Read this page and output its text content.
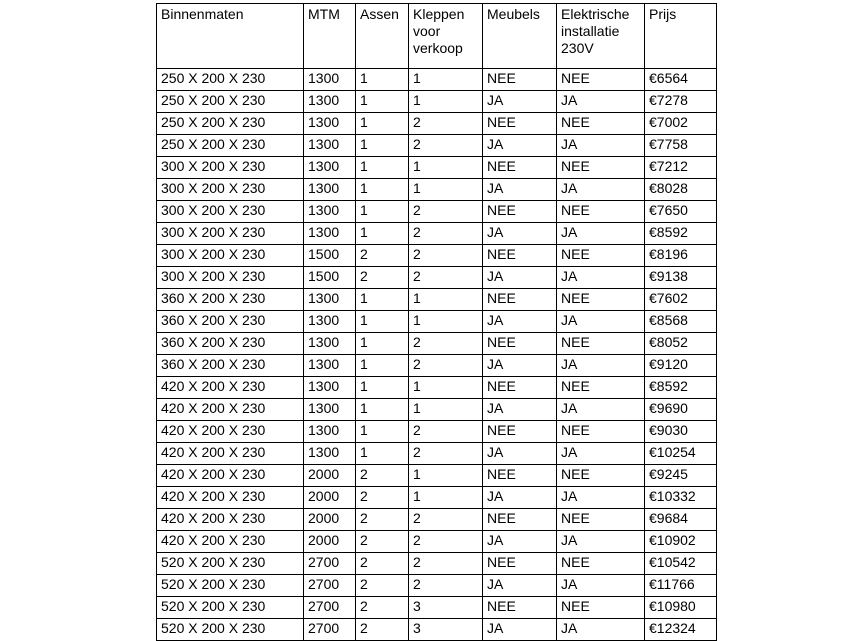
Binnenmaten	MTM	Assen	Kleppen voor verkoop	Meubels	Elektrische installatie 230V	Prijs
250 X 200 X 230	1300	1	1	NEE	NEE	€6564
250 X 200 X 230	1300	1	1	JA	JA	€7278
250 X 200 X 230	1300	1	2	NEE	NEE	€7002
250 X 200 X 230	1300	1	2	JA	JA	€7758
300 X 200 X 230	1300	1	1	NEE	NEE	€7212
300 X 200 X 230	1300	1	1	JA	JA	€8028
300 X 200 X 230	1300	1	2	NEE	NEE	€7650
300 X 200 X 230	1300	1	2	JA	JA	€8592
300 X 200 X 230	1500	2	2	NEE	NEE	€8196
300 X 200 X 230	1500	2	2	JA	JA	€9138
360 X 200 X 230	1300	1	1	NEE	NEE	€7602
360 X 200 X 230	1300	1	1	JA	JA	€8568
360 X 200 X 230	1300	1	2	NEE	NEE	€8052
360 X 200 X 230	1300	1	2	JA	JA	€9120
420 X 200 X 230	1300	1	1	NEE	NEE	€8592
420 X 200 X 230	1300	1	1	JA	JA	€9690
420 X 200 X 230	1300	1	2	NEE	NEE	€9030
420 X 200 X 230	1300	1	2	JA	JA	€10254
420 X 200 X 230	2000	2	1	NEE	NEE	€9245
420 X 200 X 230	2000	2	1	JA	JA	€10332
420 X 200 X 230	2000	2	2	NEE	NEE	€9684
420 X 200 X 230	2000	2	2	JA	JA	€10902
520 X 200 X 230	2700	2	2	NEE	NEE	€10542
520 X 200 X 230	2700	2	2	JA	JA	€11766
520 X 200 X 230	2700	2	3	NEE	NEE	€10980
520 X 200 X 230	2700	2	3	JA	JA	€12324
